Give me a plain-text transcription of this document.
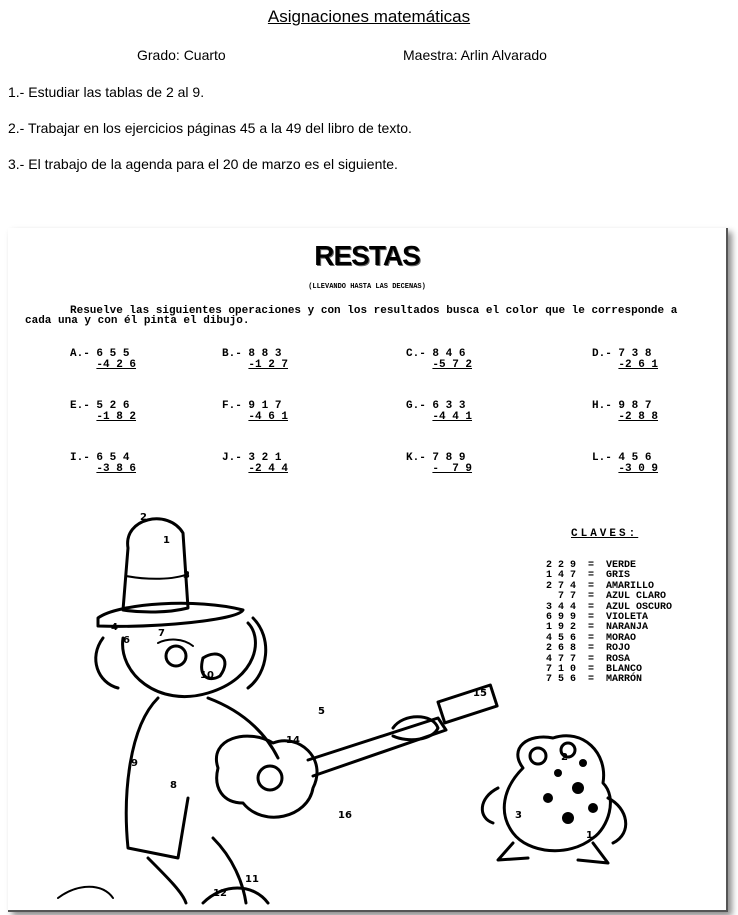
Asignaciones matemáticas
Grado: Cuarto	Maestra: Arlin Alvarado
1.- Estudiar las tablas de 2 al 9.
2.- Trabajar en los ejercicios páginas 45 a la 49 del libro de texto.
3.- El trabajo de la agenda para el 20 de marzo es el siguiente.
RESTAS
(LLEVANDO HASTA LAS DECENAS)
Resuelve las siguientes operaciones y con los resultados busca el color que le corresponde a cada una y con él pinta el dibujo.
A.- 6 5 5
-4 2 6
B.- 8 8 3
-1 2 7
C.- 8 4 6
-5 7 2
D.- 7 3 8
-2 6 1
E.- 5 2 6
-1 8 2
F.- 9 1 7
-4 6 1
G.- 6 3 3
-4 4 1
H.- 9 8 7
-2 8 8
I.- 6 5 4
-3 8 6
J.- 3 2 1
-2 4 4
K.- 7 8 9
-  7 9
L.- 4 5 6
-3 0 9
2
1
3
4
6
7
10
5
15
14
9
8
16
11
12
2
1
3
CLAVES:
2 2 9  =  VERDE
1 4 7  =  GRIS
2 7 4  =  AMARILLO
7 7  =  AZUL CLARO
3 4 4  =  AZUL OSCURO
6 9 9  =  VIOLETA
1 9 2  =  NARANJA
4 5 6  =  MORAO
2 6 8  =  ROJO
4 7 7  =  ROSA
7 1 0  =  BLANCO
7 5 6  =  MARRÓN
